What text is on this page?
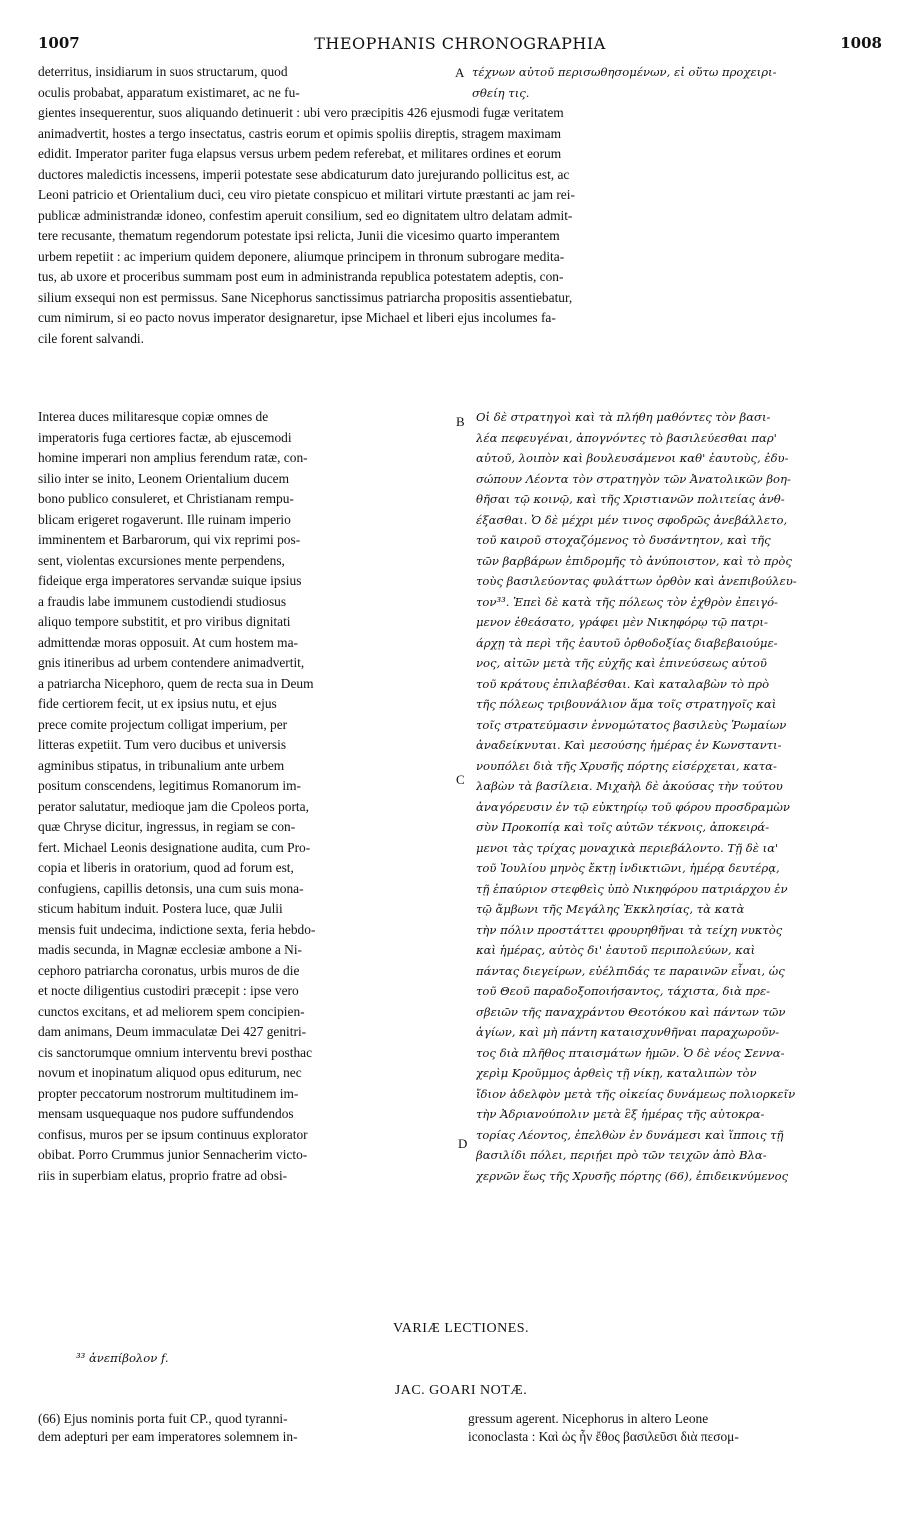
1007	THEOPHANIS CHRONOGRAPHIA	1008

deterritus, insidiarum in suos structarum, quod

oculis probabat, apparatum existimaret, ac ne fu-

gientes insequerentur, suos aliquando detinuerit : ubi vero præcipitis 426 ejusmodi fugæ veritatem

animadvertit, hostes a tergo insectatus, castris eorum et opimis spoliis direptis, stragem maximam

edidit. Imperator pariter fuga elapsus versus urbem pedem referebat, et militares ordines et eorum

ductores maledictis incessens, imperii potestate sese abdicaturum dato jurejurando pollicitus est, ac

Leoni patricio et Orientalium duci, ceu viro pietate conspicuo et militari virtute præstanti ac jam rei-

publicæ administrandæ idoneo, confestim aperuit consilium, sed eo dignitatem ultro delatam admit-

tere recusante, thematum regendorum potestate ipsi relicta, Junii die vicesimo quarto imperantem

urbem repetiit : ac imperium quidem deponere, aliumque principem in thronum subrogare medita-

tus, ab uxore et proceribus summam post eum in administranda republica potestatem adeptis, con-

silium exsequi non est permissus. Sane Nicephorus sanctissimus patriarcha propositis assentiebatur,

cum nimirum, si eo pacto novus imperator designaretur, ipse Michael et liberi ejus incolumes fa-

cile forent salvandi.

τέχνων αὐτοῦ περισωθησομένων, εἰ οὕτω προχειρι-

σθείη τις.

A
B
C
D

Interea duces militaresque copiæ omnes de

imperatoris fuga certiores factæ, ab ejuscemodi

homine imperari non amplius ferendum ratæ, con-

silio inter se inito, Leonem Orientalium ducem

bono publico consuleret, et Christianam rempu-

blicam erigeret rogaverunt. Ille ruinam imperio

imminentem et Barbarorum, qui vix reprimi pos-

sent, violentas excursiones mente perpendens,

fideique erga imperatores servandæ suique ipsius

a fraudis labe immunem custodiendi studiosus

aliquo tempore substitit, et pro viribus dignitati

admittendæ moras opposuit. At cum hostem ma-

gnis itineribus ad urbem contendere animadvertit,

a patriarcha Nicephoro, quem de recta sua in Deum

fide certiorem fecit, ut ex ipsius nutu, et ejus

prece comite projectum colligat imperium, per

litteras expetiit. Tum vero ducibus et universis

agminibus stipatus, in tribunalium ante urbem

positum conscendens, legitimus Romanorum im-

perator salutatur, medioque jam die Cpoleos porta,

quæ Chryse dicitur, ingressus, in regiam se con-

fert. Michael Leonis designatione audita, cum Pro-

copia et liberis in oratorium, quod ad forum est,

confugiens, capillis detonsis, una cum suis mona-

sticum habitum induit. Postera luce, quæ Julii

mensis fuit undecima, indictione sexta, feria hebdo-

madis secunda, in Magnæ ecclesiæ ambone a Ni-

cephoro patriarcha coronatus, urbis muros de die

et nocte diligentius custodiri præcepit : ipse vero

cunctos excitans, et ad meliorem spem concipien-

dam animans, Deum immaculatæ Dei 427 genitri-

cis sanctorumque omnium interventu brevi posthac

novum et inopinatum aliquod opus editurum, nec

propter peccatorum nostrorum multitudinem im-

mensam usquequaque nos pudore suffundendos

confisus, muros per se ipsum continuus explorator

obibat. Porro Crummus junior Sennacherim victo-

riis in superbiam elatus, proprio fratre ad obsi-

Οἱ δὲ στρατηγοὶ καὶ τὰ πλήθη μαθόντες τὸν βασι-

λέα πεφευγέναι, ἀπογνόντες τὸ βασιλεύεσθαι παρ'

αὐτοῦ, λοιπὸν καὶ βουλευσάμενοι καθ' ἑαυτοὺς, ἐδυ-

σώπουν Λέοντα τὸν στρατηγὸν τῶν Ἀνατολικῶν βοη-

θῆσαι τῷ κοινῷ, καὶ τῆς Χριστιανῶν πολιτείας ἀνθ-

έξασθαι. Ὁ δὲ μέχρι μέν τινος σφοδρῶς ἀνεβάλλετο,

τοῦ καιροῦ στοχαζόμενος τὸ δυσάντητον, καὶ τῆς

τῶν βαρβάρων ἐπιδρομῆς τὸ ἀνύποιστον, καὶ τὸ πρὸς

τοὺς βασιλεύοντας φυλάττων ὀρθὸν καὶ ἀνεπιβούλευ-

τον³³. Ἐπεὶ δὲ κατὰ τῆς πόλεως τὸν ἐχθρὸν ἐπειγό-

μενον ἐθεάσατο, γράφει μὲν Νικηφόρῳ τῷ πατρι-

άρχῃ τὰ περὶ τῆς ἑαυτοῦ ὀρθοδοξίας διαβεβαιούμε-

νος, αἰτῶν μετὰ τῆς εὐχῆς καὶ ἐπινεύσεως αὐτοῦ

τοῦ κράτους ἐπιλαβέσθαι. Καὶ καταλαβὼν τὸ πρὸ

τῆς πόλεως τριβουνάλιον ἅμα τοῖς στρατηγοῖς καὶ

τοῖς στρατεύμασιν ἐννομώτατος βασιλεὺς Ῥωμαίων

ἀναδείκνυται. Καὶ μεσούσης ἡμέρας ἐν Κωνσταντι-

νουπόλει διὰ τῆς Χρυσῆς πόρτης εἰσέρχεται, κατα-

λαβὼν τὰ βασίλεια. Μιχαὴλ δὲ ἀκούσας τὴν τούτου

ἀναγόρευσιν ἐν τῷ εὐκτηρίῳ τοῦ φόρου προσδραμὼν

σὺν Προκοπίᾳ καὶ τοῖς αὐτῶν τέκνοις, ἀποκειρά-

μενοι τὰς τρίχας μοναχικὰ περιεβάλοντο. Τῇ δὲ ια'

τοῦ Ἰουλίου μηνὸς ἔκτῃ ἰνδικτιῶνι, ἡμέρᾳ δευτέρᾳ,

τῇ ἐπαύριον στεφθεὶς ὑπὸ Νικηφόρου πατριάρχου ἐν

τῷ ἄμβωνι τῆς Μεγάλης Ἐκκλησίας, τὰ κατὰ

τὴν πόλιν προστάττει φρουρηθῆναι τὰ τείχη νυκτὸς

καὶ ἡμέρας, αὐτὸς δι' ἑαυτοῦ περιπολεύων, καὶ

πάντας διεγείρων, εὐέλπιδάς τε παραινῶν εἶναι, ὡς

τοῦ Θεοῦ παραδοξοποιήσαντος, τάχιστα, διὰ πρε-

σβειῶν τῆς παναχράντου Θεοτόκου καὶ πάντων τῶν

ἁγίων, καὶ μὴ πάντη καταισχυνθῆναι παραχωροῦν-

τος διὰ πλῆθος πταισμάτων ἡμῶν. Ὁ δὲ νέος Σεννα-

χερὶμ Κροῦμμος ἀρθεὶς τῇ νίκῃ, καταλιπὼν τὸν

ἴδιον ἀδελφὸν μετὰ τῆς οἰκείας δυνάμεως πολιορκεῖν

τὴν Ἀδριανούπολιν μετὰ ἓξ ἡμέρας τῆς αὐτοκρα-

τορίας Λέοντος, ἐπελθὼν ἐν δυνάμεσι καὶ ἵπποις τῇ

βασιλίδι πόλει, περιῄει πρὸ τῶν τειχῶν ἀπὸ Βλα-

χερνῶν ἕως τῆς Χρυσῆς πόρτης (66), ἐπιδεικνύμενος

VARIÆ LECTIONES.

³³ ἀνεπίβολον f.

JAC. GOARI NOTÆ.

(66) Ejus nominis porta fuit CP., quod tyranni-

dem adepturi per eam imperatores solemnem in-

gressum agerent. Nicephorus in altero Leone

iconoclasta : Καὶ ὡς ἦν ἔθος βασιλεῦσι διὰ πεσομ-
